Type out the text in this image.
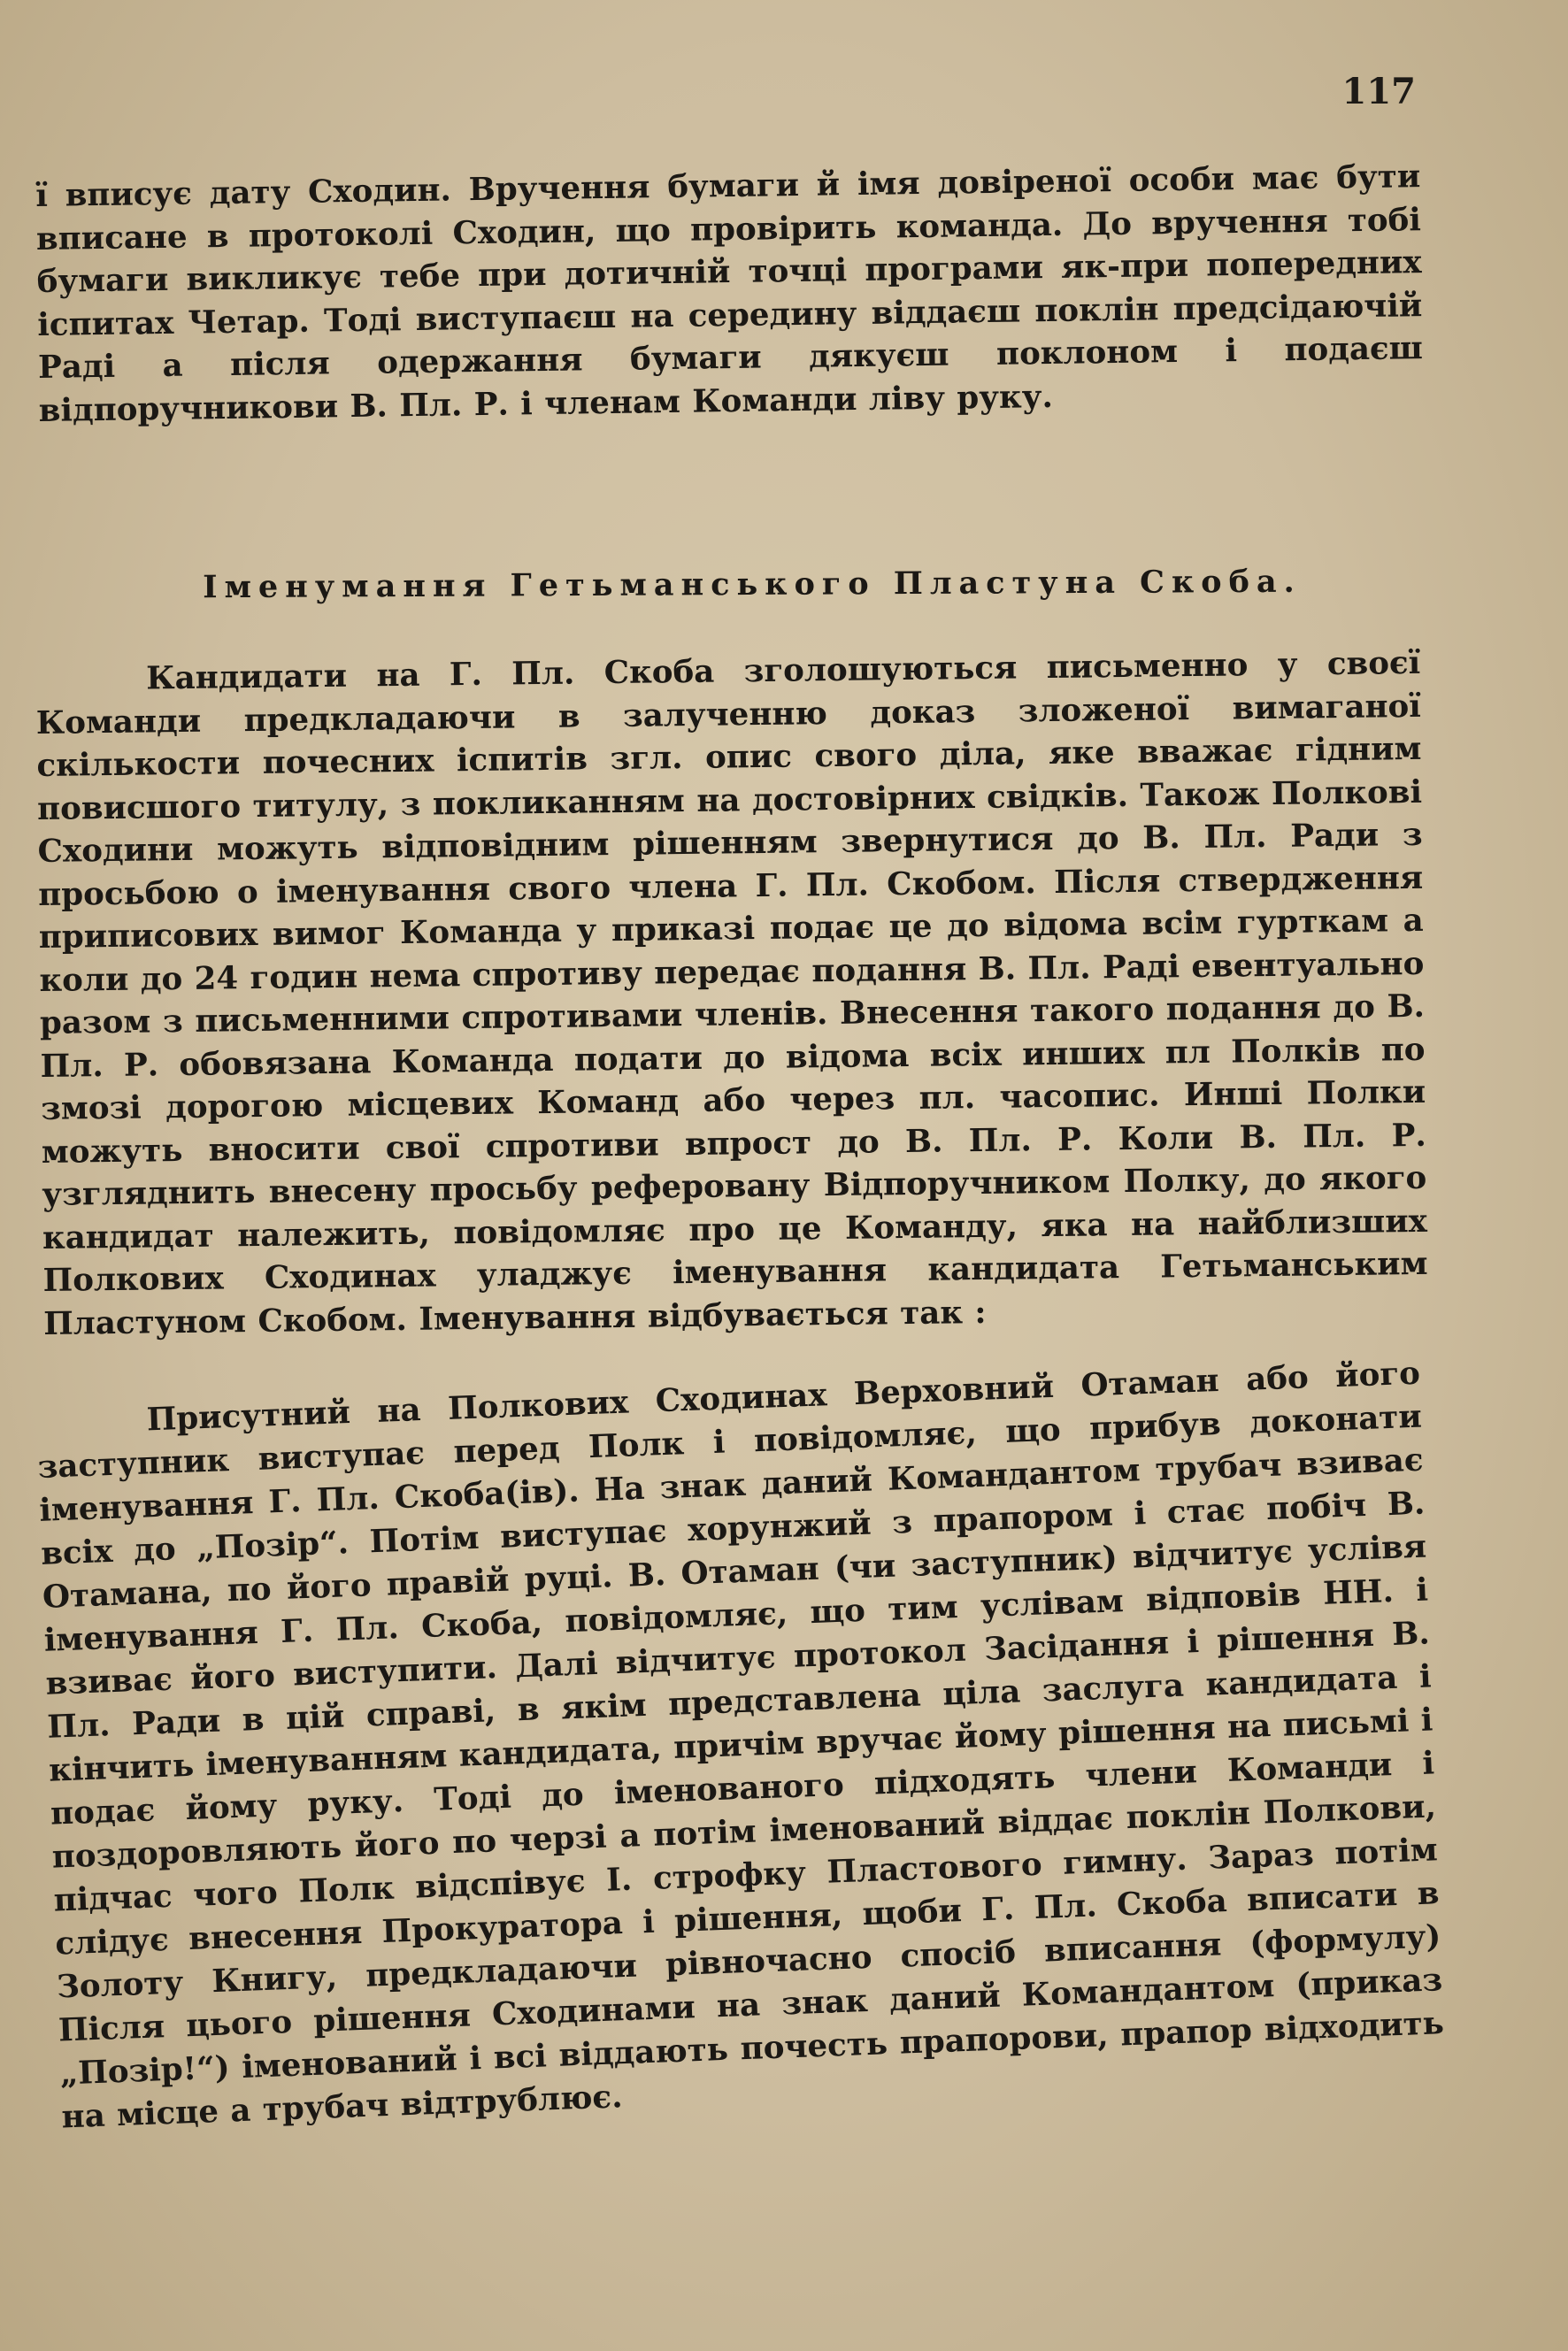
117

ї вписує дату Сходин. Вручення бумаги й імя довіреної особи має бути вписане в протоколі Сходин, що провірить команда. До вручення тобі бумаги викликує тебе при дотичній точці програми як-при попередних іспитах Четар. Тоді виступаєш на середину віддаєш поклін предсідаючій Раді а після одержання бумаги дякуєш поклоном і подаєш відпоручникови В. Пл. Р. і членам Команди ліву руку.

Іменумання Гетьманського Пластуна Скоба.

Кандидати на Г. Пл. Скоба зголошуються письменно у своєї Команди предкладаючи в залученню доказ зложеної вимаганої скількости почесних іспитів згл. опис свого діла, яке вважає гідним повисшого титулу, з покликанням на достовірних свідків. Також Полкові Сходини можуть відповідним рішенням звернутися до В. Пл. Ради з просьбою о іменування свого члена Г. Пл. Скобом. Після ствердження приписових вимог Команда у приказі подає це до відома всім гурткам а коли до 24 годин нема спротиву передає подання В. Пл. Раді евентуально разом з письменними спротивами членів. Внесення такого подання до В. Пл. Р. обовязана Команда подати до відома всіх инших пл Полків по змозі дорогою місцевих Команд або через пл. часопис. Инші Полки можуть вносити свої спротиви впрост до В. Пл. Р. Коли В. Пл. Р. узгляднить внесену просьбу реферовану Відпоручником Полку, до якого кандидат належить, повідомляє про це Команду, яка на найблизших Полкових Сходинах уладжує іменування кандидата Гетьманським Пластуном Скобом. Іменування відбувається так :

Присутний на Полкових Сходинах Верховний Отаман або його заступник виступає перед Полк і повідомляє, що прибув доконати іменування Г. Пл. Скоба(ів). На знак даний Командантом трубач взиває всіх до „Позір“. Потім виступає хорунжий з прапором і стає побіч В. Отамана, по його правій руці. В. Отаман (чи заступник) відчитує услівя іменування Г. Пл. Скоба, повідомляє, що тим услівам відповів НН. і взиває його виступити. Далі відчитує протокол Засідання і рішення В. Пл. Ради в цій справі, в якім представлена ціла заслуга кандидата і кінчить іменуванням кандидата, причім вручає йому рішення на письмі і подає йому руку. Тоді до іменованого підходять члени Команди і поздоровляють його по черзі а потім іменований віддає поклін Полкови, підчас чого Полк відспівує І. строфку Пластового гимну. Зараз потім слідує внесення Прокуратора і рішення, щоби Г. Пл. Скоба вписати в Золоту Книгу, предкладаючи рівночасно спосіб вписання (формулу) Після цього рішення Сходинами на знак даний Командантом (приказ „Позір!“) іменований і всі віддають почесть прапорови, прапор відходить на місце а трубач відтрублює.
